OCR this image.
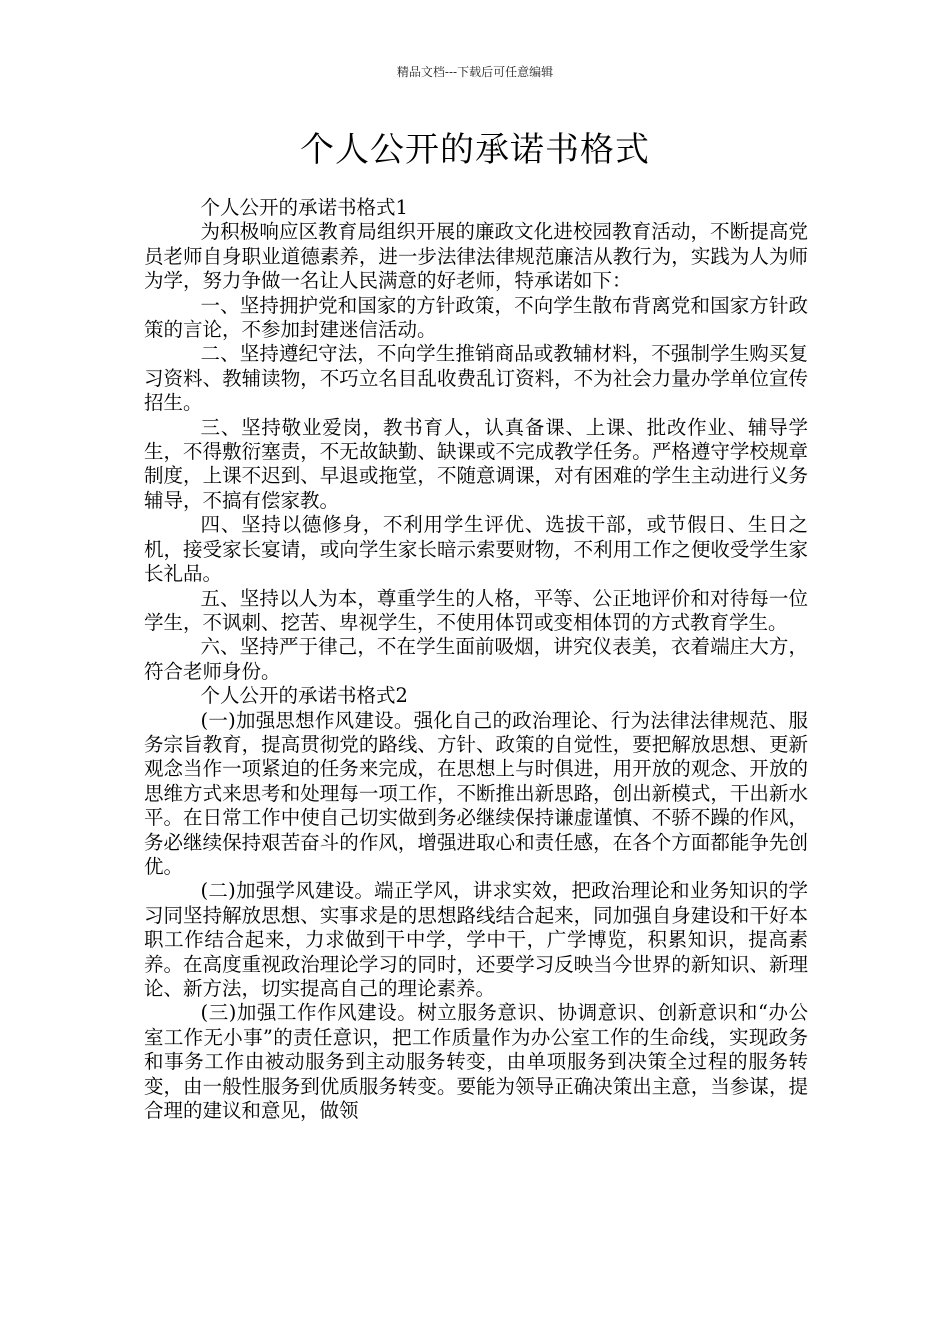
精品文档---下载后可任意编辑
个人公开的承诺书格式

个人公开的承诺书格式1

为积极响应区教育局组织开展的廉政文化进校园教育活动，不断提高党员老师自身职业道德素养，进一步法律法律规范廉洁从教行为，实践为人为师为学，努力争做一名让人民满意的好老师，特承诺如下：

一、坚持拥护党和国家的方针政策，不向学生散布背离党和国家方针政策的言论，不参加封建迷信活动。

二、坚持遵纪守法，不向学生推销商品或教辅材料，不强制学生购买复习资料、教辅读物，不巧立名目乱收费乱订资料，不为社会力量办学单位宣传招生。

三、坚持敬业爱岗，教书育人，认真备课、上课、批改作业、辅导学生，不得敷衍塞责，不无故缺勤、缺课或不完成教学任务。严格遵守学校规章制度，上课不迟到、早退或拖堂，不随意调课，对有困难的学生主动进行义务辅导，不搞有偿家教。

四、坚持以德修身，不利用学生评优、选拔干部，或节假日、生日之机，接受家长宴请，或向学生家长暗示索要财物，不利用工作之便收受学生家长礼品。

五、坚持以人为本，尊重学生的人格，平等、公正地评价和对待每一位学生，不讽刺、挖苦、卑视学生，不使用体罚或变相体罚的方式教育学生。

六、坚持严于律己，不在学生面前吸烟，讲究仪表美，衣着端庄大方，符合老师身份。

个人公开的承诺书格式2

(一)加强思想作风建设。强化自己的政治理论、行为法律法律规范、服务宗旨教育，提高贯彻党的路线、方针、政策的自觉性，要把解放思想、更新观念当作一项紧迫的任务来完成，在思想上与时俱进，用开放的观念、开放的思维方式来思考和处理每一项工作，不断推出新思路，创出新模式，干出新水平。在日常工作中使自己切实做到务必继续保持谦虚谨慎、不骄不躁的作风，务必继续保持艰苦奋斗的作风，增强进取心和责任感，在各个方面都能争先创优。

(二)加强学风建设。端正学风，讲求实效，把政治理论和业务知识的学习同坚持解放思想、实事求是的思想路线结合起来，同加强自身建设和干好本职工作结合起来，力求做到干中学，学中干，广学博览，积累知识，提高素养。在高度重视政治理论学习的同时，还要学习反映当今世界的新知识、新理论、新方法，切实提高自己的理论素养。

(三)加强工作作风建设。树立服务意识、协调意识、创新意识和“办公室工作无小事”的责任意识，把工作质量作为办公室工作的生命线，实现政务和事务工作由被动服务到主动服务转变，由单项服务到决策全过程的服务转变，由一般性服务到优质服务转变。要能为领导正确决策出主意，当参谋，提合理的建议和意见，做领
